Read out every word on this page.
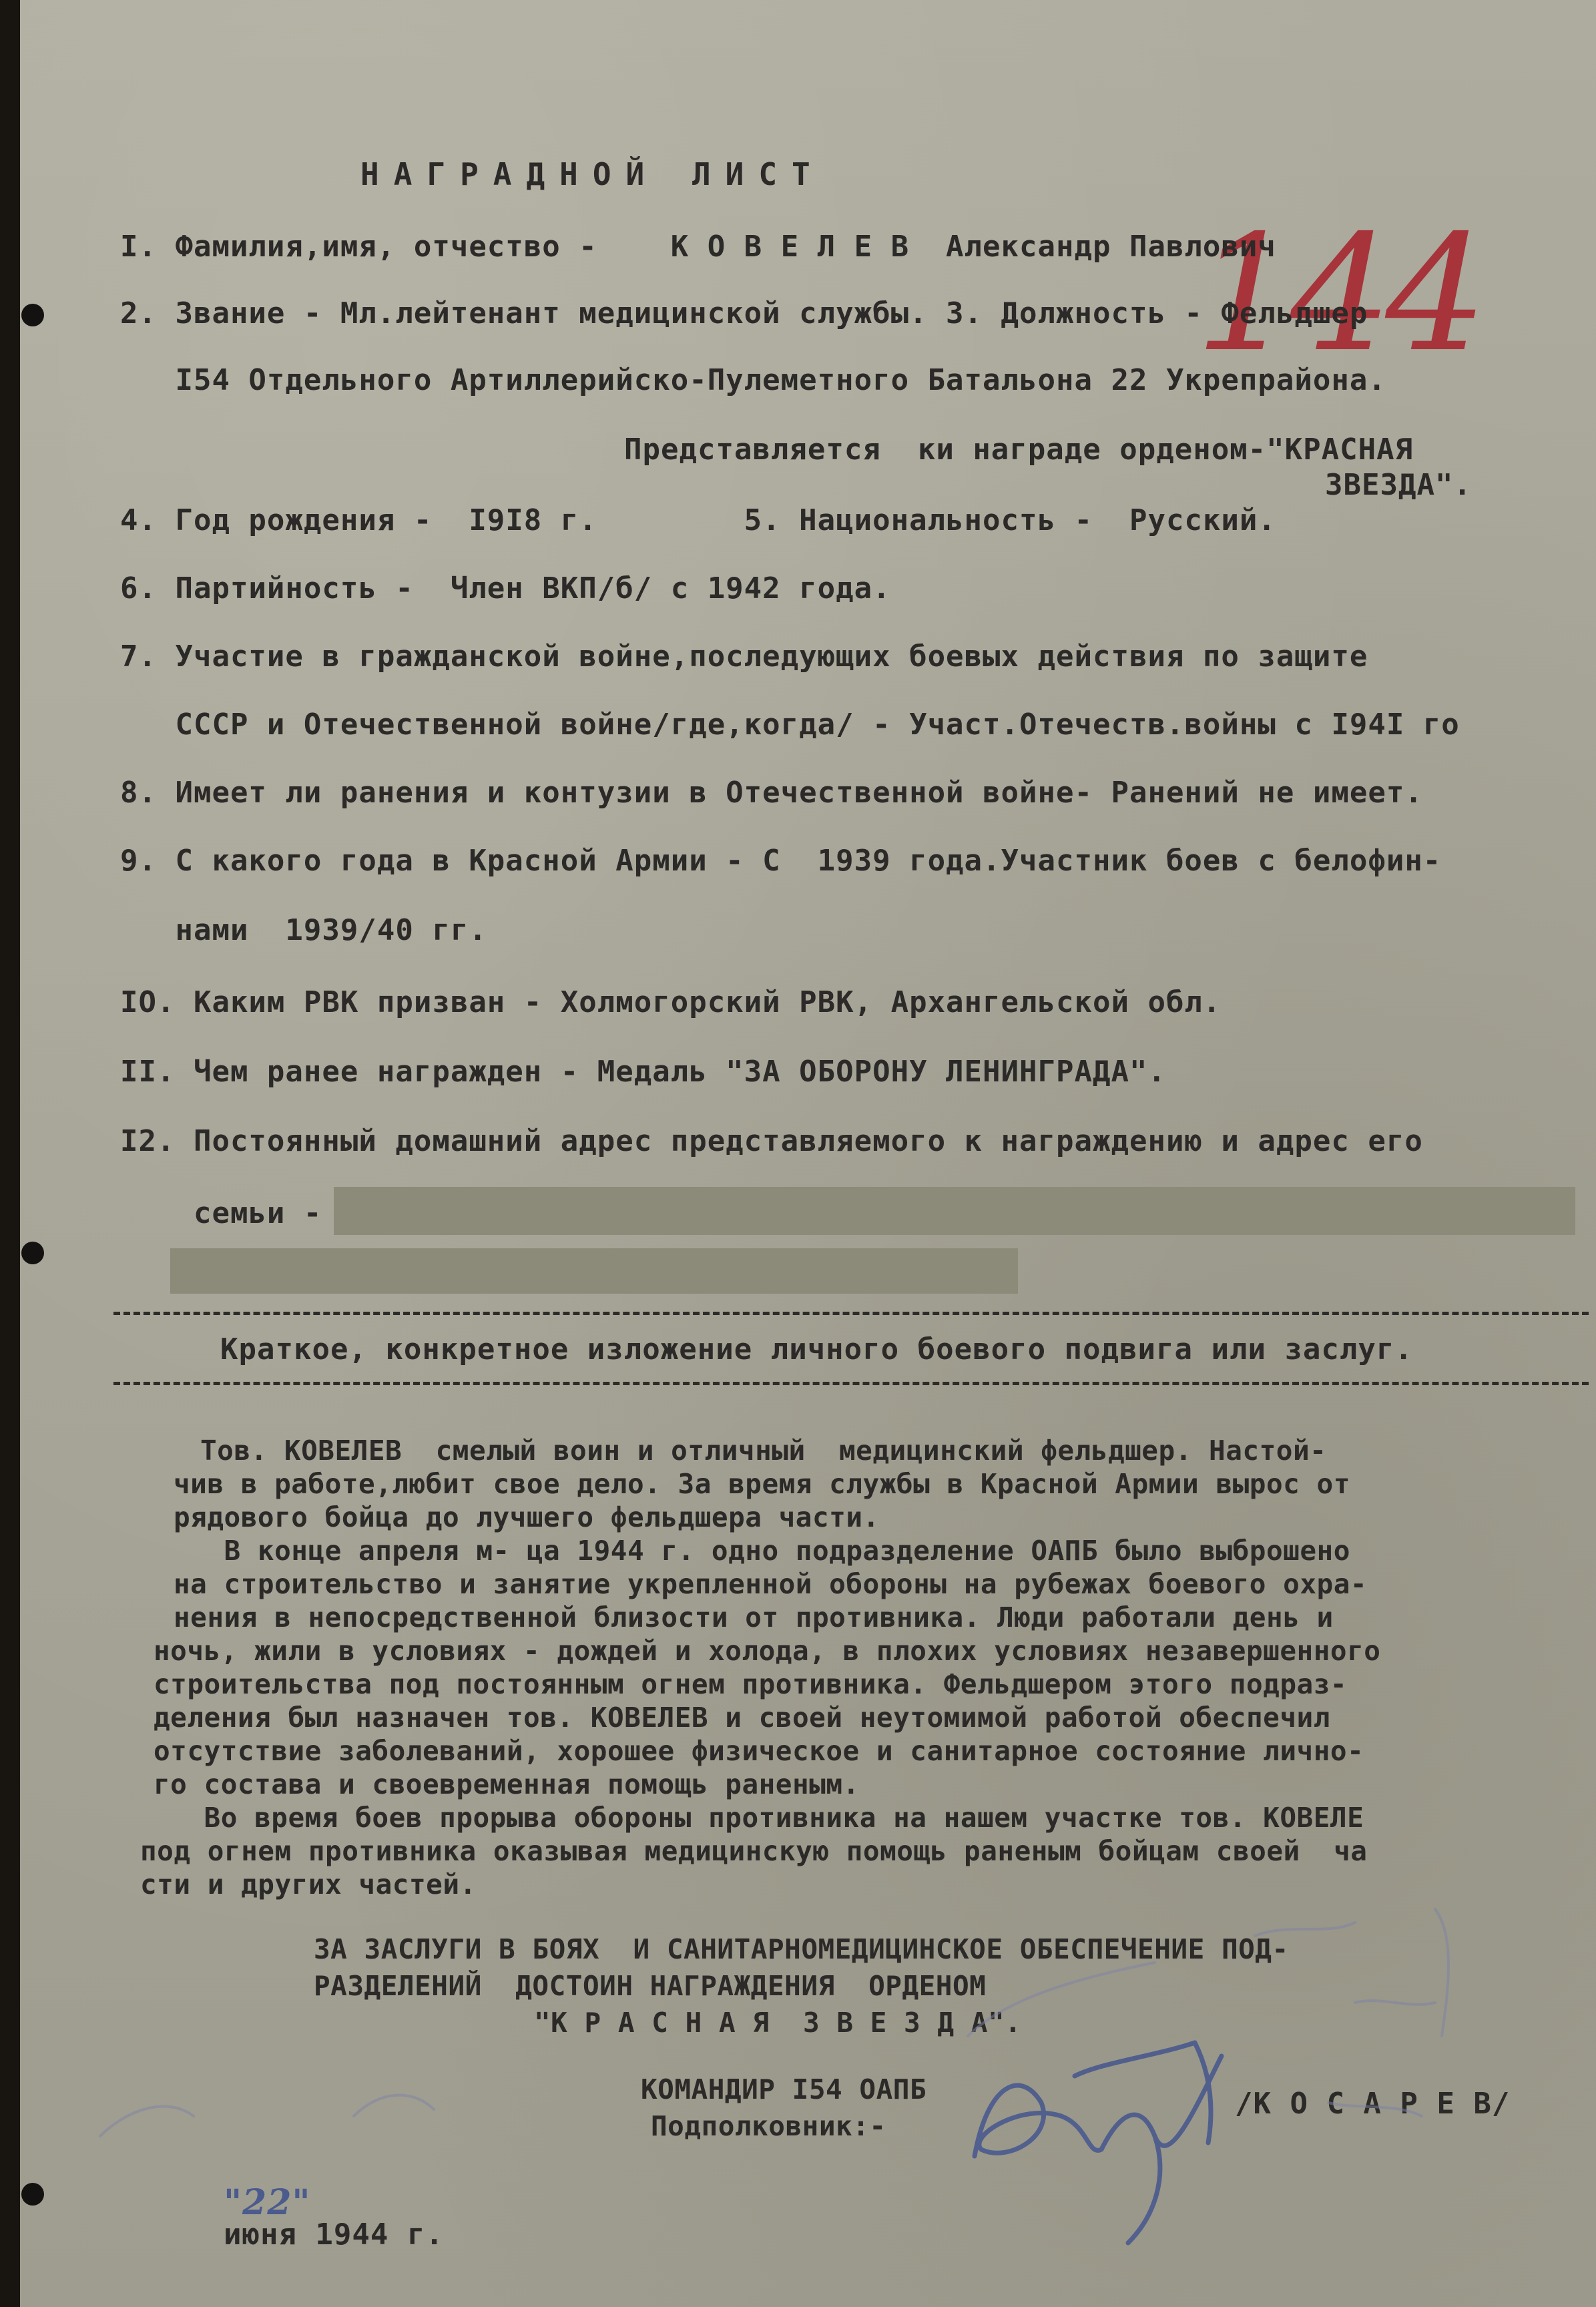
НАГРАДНОЙ ЛИСТ
144
I. Фамилия,имя, отчество -    К О В Е Л Е В  Александр Павлович
2. Звание - Мл.лейтенант медицинской службы. 3. Должность - Фельдшер
I54 Отдельного Артиллерийско-Пулеметного Батальона 22 Укрепрайона.
Представляется  ки награде орденом-"КРАСНАЯ
ЗВЕЗДА".
4. Год рождения -  I9I8 г.        5. Национальность -  Русский.
6. Партийность -  Член ВКП/б/ с 1942 года.
7. Участие в гражданской войне,последующих боевых действия по защите
СССР и Отечественной войне/где,когда/ - Участ.Отечеств.войны с I94I го
8. Имеет ли ранения и контузии в Отечественной войне- Ранений не имеет.
9. С какого года в Красной Армии - С  1939 года.Участник боев с белофин-
нами  1939/40 гг.
IO. Каким РВК призван - Холмогорский РВК, Архангельской обл.
II. Чем ранее награжден - Медаль "ЗА ОБОРОНУ ЛЕНИНГРАДА".
I2. Постоянный домашний адрес представляемого к награждению и адрес его
семьи -
Краткое, конкретное изложение личного боевого подвига или заслуг.
Тов. КОВЕЛЕВ  смелый воин и отличный  медицинский фельдшер. Настой-
чив в работе,любит свое дело. За время службы в Красной Армии вырос от
рядового бойца до лучшего фельдшера части.
В конце апреля м- ца 1944 г. одно подразделение ОАПБ было выброшено
на строительство и занятие укрепленной обороны на рубежах боевого охра-
нения в непосредственной близости от противника. Люди работали день и
ночь, жили в условиях - дождей и холода, в плохих условиях незавершенного
строительства под постоянным огнем противника. Фельдшером этого подраз-
деления был назначен тов. КОВЕЛЕВ и своей неутомимой работой обеспечил
отсутствие заболеваний, хорошее физическое и санитарное состояние лично-
го состава и своевременная помощь раненым.
Во время боев прорыва обороны противника на нашем участке тов. КОВЕЛЕ
под огнем противника оказывая медицинскую помощь раненым бойцам своей  ча
сти и других частей.
ЗА ЗАСЛУГИ В БОЯХ  И САНИТАРНОМЕДИЦИНСКОЕ ОБЕСПЕЧЕНИЕ ПОД-
РАЗДЕЛЕНИЙ  ДОСТОИН НАГРАЖДЕНИЯ  ОРДЕНОМ
"К Р А С Н А Я  З В Е З Д А".
КОМАНДИР I54 ОАПБ
Подполковник:-
/К О С А Р Е В/

"22"
июня 1944 г.
